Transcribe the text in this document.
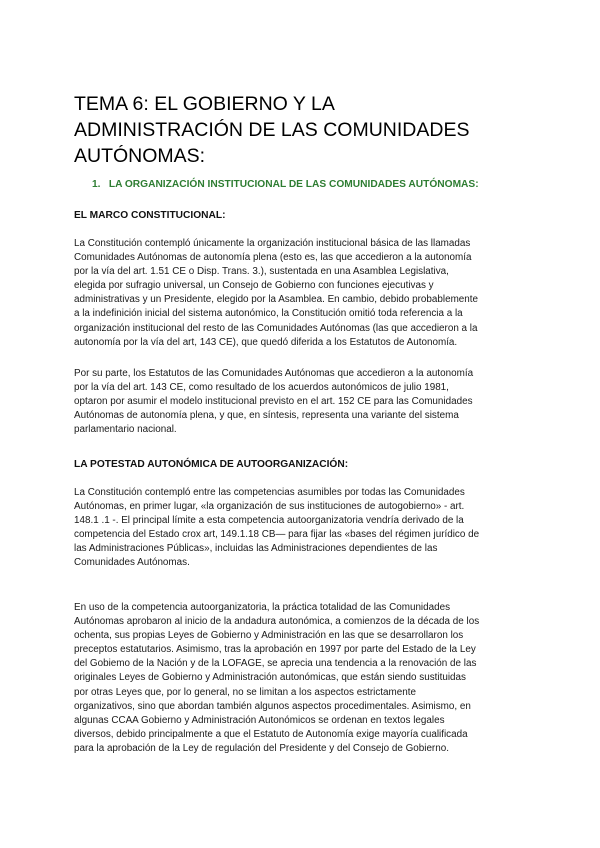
TEMA 6: EL GOBIERNO Y LA
ADMINISTRACIÓN DE LAS COMUNIDADES
AUTÓNOMAS:
1. LA ORGANIZACIÓN INSTITUCIONAL DE LAS COMUNIDADES AUTÓNOMAS:
EL MARCO CONSTITUCIONAL:

La Constitución contempló únicamente la organización institucional básica de las llamadas
Comunidades Autónomas de autonomía plena (esto es, las que accedieron a la autonomía
por la vía del art. 1.51 CE o Disp. Trans. 3.), sustentada en una Asamblea Legislativa,
elegida por sufragio universal, un Consejo de Gobierno con funciones ejecutivas y
administrativas y un Presidente, elegido por la Asamblea. En cambio, debido probablemente
a la indefinición inicial del sistema autonómico, la Constitución omitió toda referencia a la
organización institucional del resto de las Comunidades Autónomas (las que accedieron a la
autonomía por la vía del art, 143 CE), que quedó diferida a los Estatutos de Autonomía.

Por su parte, los Estatutos de las Comunidades Autónomas que accedieron a la autonomía
por la vía del art. 143 CE, como resultado de los acuerdos autonómicos de julio 1981,
optaron por asumir el modelo institucional previsto en el art. 152 CE para las Comunidades
Autónomas de autonomía plena, y que, en síntesis, representa una variante del sistema
parlamentario nacional.

LA POTESTAD AUTONÓMICA DE AUTOORGANIZACIÓN:

La Constitución contempló entre las competencias asumibles por todas las Comunidades
Autónomas, en primer lugar, «la organización de sus instituciones de autogobierno» - art.
148.1 .1 -. El principal límite a esta competencia autoorganizatoria vendría derivado de la
competencia del Estado crox art, 149.1.18 CB— para fijar las «bases del régimen jurídico de
las Administraciones Públicas», incluidas las Administraciones dependientes de las
Comunidades Autónomas.

En uso de la competencia autoorganizatoria, la práctica totalidad de las Comunidades
Autónomas aprobaron al inicio de la andadura autonómica, a comienzos de la década de los
ochenta, sus propias Leyes de Gobierno y Administración en las que se desarrollaron los
preceptos estatutarios. Asimismo, tras la aprobación en 1997 por parte del Estado de la Ley
del Gobiemo de la Nación y de la LOFAGE, se aprecia una tendencia a la renovación de las
originales Leyes de Gobierno y Administración autonómicas, que están siendo sustituidas
por otras Leyes que, por lo general, no se limitan a los aspectos estrictamente
organizativos, sino que abordan también algunos aspectos procedimentales. Asimismo, en
algunas CCAA Gobierno y Administración Autonómicos se ordenan en textos legales
diversos, debido principalmente a que el Estatuto de Autonomía exige mayoría cualificada
para la aprobación de la Ley de regulación del Presidente y del Consejo de Gobierno.
